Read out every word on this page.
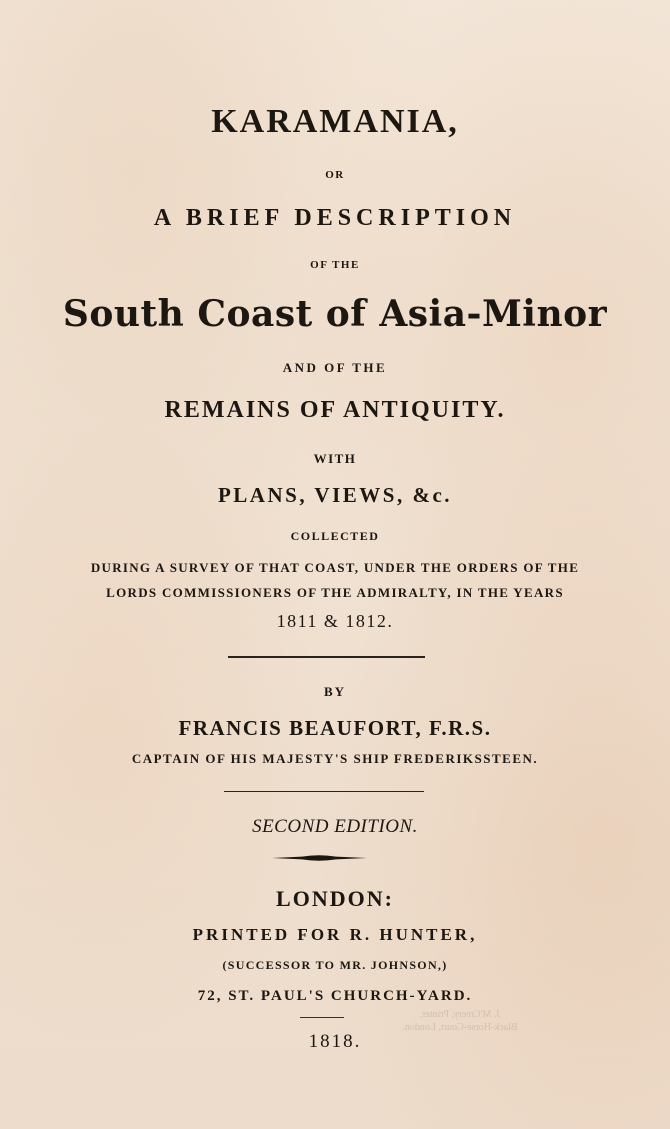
KARAMANIA,
OR
A BRIEF DESCRIPTION
OF THE
South Coast of Asia-Minor
AND OF THE
REMAINS OF ANTIQUITY.
WITH
PLANS, VIEWS, &c.
COLLECTED
DURING A SURVEY OF THAT COAST, UNDER THE ORDERS OF THE
LORDS COMMISSIONERS OF THE ADMIRALTY, IN THE YEARS
1811 & 1812.
BY
FRANCIS BEAUFORT, F.R.S.
CAPTAIN OF HIS MAJESTY'S SHIP FREDERIKSSTEEN.
SECOND EDITION.
LONDON:
PRINTED FOR R. HUNTER,
(SUCCESSOR TO MR. JOHNSON,)
72, ST. PAUL'S CHURCH-YARD.
J. M'Creery, Printer,
Black-Horse-Court, London.
1818.
